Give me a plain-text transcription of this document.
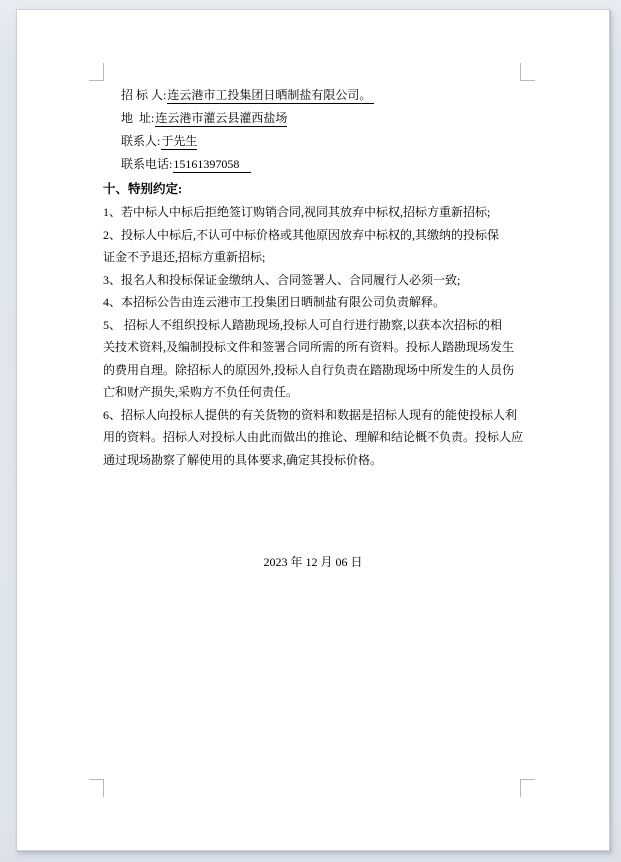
招 标 人:连云港市工投集团日晒制盐有限公司。
地  址:连云港市灌云县灌西盐场
联系人:于先生
联系电话:15161397058
十、特别约定:
1、若中标人中标后拒绝签订购销合同,视同其放弃中标权,招标方重新招标;
2、投标人中标后,不认可中标价格或其他原因放弃中标权的,其缴纳的投标保
证金不予退还,招标方重新招标;
3、报名人和投标保证金缴纳人、合同签署人、合同履行人必须一致;
4、本招标公告由连云港市工投集团日晒制盐有限公司负责解释。
5、 招标人不组织投标人踏勘现场,投标人可自行进行勘察,以获本次招标的相
关技术资料,及编制投标文件和签署合同所需的所有资料。投标人踏勘现场发生
的费用自理。除招标人的原因外,投标人自行负责在踏勘现场中所发生的人员伤
亡和财产损失,采购方不负任何责任。
6、招标人向投标人提供的有关货物的资料和数据是招标人现有的能使投标人利
用的资料。招标人对投标人由此而做出的推论、理解和结论概不负责。投标人应
通过现场勘察了解使用的具体要求,确定其投标价格。
2023 年 12 月 06 日
